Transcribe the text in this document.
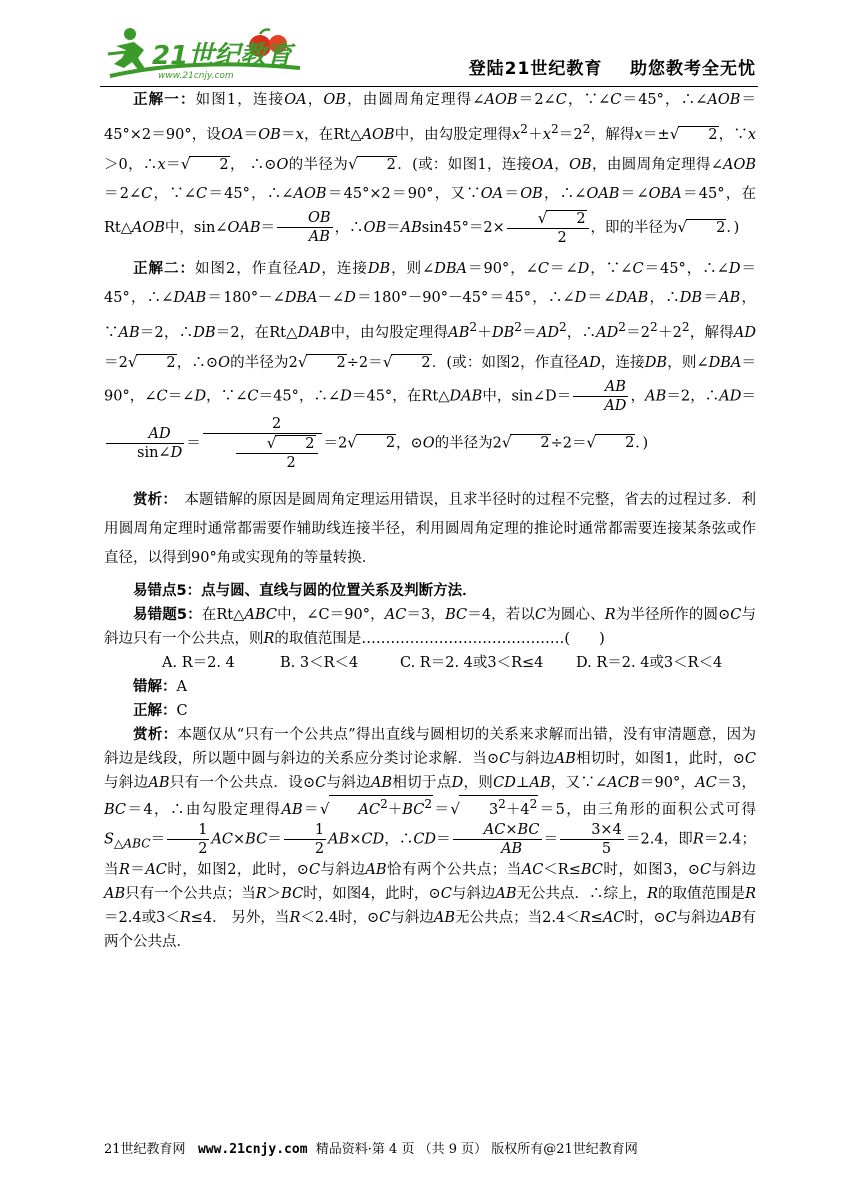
21世纪教育
www.21cnjy.com	登陆21世纪教育    助您教考全无忧

正解一：如图1，连接OA，OB，由圆周角定理得∠AOB＝2∠C，∵∠C＝45°，∴∠AOB＝45°×2＝90°，设OA＝OB＝x，在Rt△AOB中，由勾股定理得$x^2+x^2=2^2$，解得x＝±√ 2，∵x＞0，∴x＝√ 2， ∴⊙O的半径为√ 2．(或：如图1，连接OA，OB，由圆周角定理得∠AOB＝2∠C，∵∠C＝45°，∴∠AOB＝45°×2＝90°，又∵OA＝OB，∴∠OAB＝∠OBA＝45°，在Rt△AOB中，sin∠OAB＝ $\frac{OB}{AB}$ ，∴OB＝ABsin45°＝2× $\frac{√ 2}{2}$ ，即的半径为√ 2．)

正解二：如图2，作直径AD，连接DB，则∠DBA＝90°，∠C＝∠D，∵∠C＝45°，∴∠D＝45°，∴∠DAB＝180°－∠DBA－∠D＝180°－90°－45°＝45°，∴∠D＝∠DAB，∴DB＝AB，∵AB＝2，∴DB＝2，在Rt△DAB中，由勾股定理得$AB^2+DB^2=AD^2$，$\therefore AD^2=2^2+2^2$，解得AD＝2√ 2，∴⊙O的半径为2√ 2÷2＝√ 2．(或：如图2，作直径AD，连接DB，则∠DBA＝90°，∠C＝∠D，∵∠C＝45°，∴∠D＝45°，在Rt△DAB中，sin∠D＝ $\frac{AB}{AD}$ ，AB＝2，∴AD＝
$\frac{AD}{\sin\angle D} = \frac{2}{\frac{√ 2}{2}} =2√$ 2，⊙O的半径为2√ 2÷2＝√ 2．)

赏析：　本题错解的原因是圆周角定理运用错误，且求半径时的过程不完整，省去的过程过多．利用圆周角定理时通常都需要作辅助线连接半径，利用圆周角定理的推论时通常都需要连接某条弦或作直径，以得到90°角或实现角的等量转换．

易错点5：点与圆、直线与圆的位置关系及判断方法．

易错题5：在Rt△ABC中，∠C＝90°，AC＝3，BC＝4，若以C为圆心、R为半径所作的圆⊙C与斜边只有一个公共点，则R的取值范围是……………………………………(　　)

A. R＝2. 4	B. 3＜R＜4	C. R＝2. 4或3＜R≤4 D. R＝2. 4或3＜R＜4

错解：A

正解：C

赏析：本题仅从“只有一个公共点”得出直线与圆相切的关系来求解而出错，没有审清题意，因为斜边是线段，所以题中圆与斜边的关系应分类讨论求解．当⊙C与斜边AB相切时，如图1，此时，⊙C与斜边AB只有一个公共点．设⊙C与斜边AB相切于点D，则CD⊥AB，又∵∠ACB＝90°，AC＝3，BC＝4，∴由勾股定理得AB＝√ $AC^2+BC^2=√$ $3^2+4^2=5$，由三角形的面积公式可得$S_{\triangle ABC}= \frac{1}{2} AC\times BC= \frac{1}{2} AB\times CD$，∴CD＝ $\frac{AC\times BC}{AB} = \frac{3\times 4}{5} =2.4$，即R＝2.4；当R＝AC时，如图2，此时，⊙C与斜边AB恰有两个公共点；当AC＜R≤BC时，如图3，⊙C与斜边AB只有一个公共点；当R＞BC时，如图4，此时，⊙C与斜边AB无公共点．∴综上，R的取值范围是R＝2.4或3＜R≤4． 另外，当R＜2.4时，⊙C与斜边AB无公共点；当2.4＜R≤AC时，⊙C与斜边AB有两个公共点．

21世纪教育网 www.21cnjy.com 精品资料·第 4 页 （共 9 页） 版权所有@21世纪教育网
